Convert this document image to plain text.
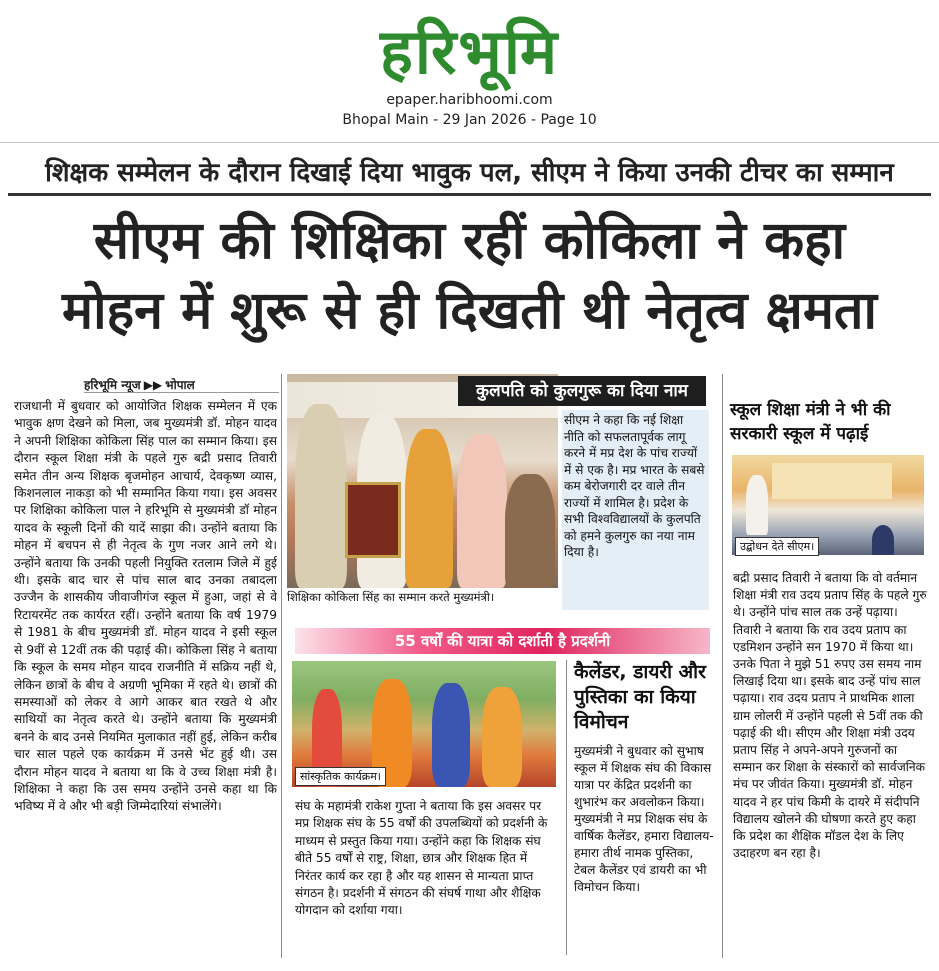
हरिभूमि
epaper.haribhoomi.com
Bhopal Main - 29 Jan 2026 - Page 10
शिक्षक सम्मेलन के दौरान दिखाई दिया भावुक पल, सीएम ने किया उनकी टीचर का सम्मान
सीएम की शिक्षिका रहीं कोकिला ने कहा
मोहन में शुरू से ही दिखती थी नेतृत्व क्षमता
हरिभूमि न्यूज ▶▶ भोपाल
राजधानी में बुधवार को आयोजित शिक्षक सम्मेलन में एक भावुक क्षण देखने को मिला, जब मुख्यमंत्री डॉ. मोहन यादव ने अपनी शिक्षिका कोकिला सिंह पाल का सम्मान किया। इस दौरान स्कूल शिक्षा मंत्री के पहले गुरु बद्री प्रसाद तिवारी समेत तीन अन्य शिक्षक बृजमोहन आचार्य, देवकृष्ण व्यास, किशनलाल नाकड़ा को भी सम्मानित किया गया। इस अवसर पर शिक्षिका कोकिला पाल ने हरिभूमि से मुख्यमंत्री डॉ मोहन यादव के स्कूली दिनों की यादें साझा की। उन्होंने बताया कि मोहन में बचपन से ही नेतृत्व के गुण नजर आने लगे थे। उन्होंने बताया कि उनकी पहली नियुक्ति रतलाम जिले में हुई थी। इसके बाद चार से पांच साल बाद उनका तबादला उज्जैन के शासकीय जीवाजीगंज स्कूल में हुआ, जहां से वे रिटायरमेंट तक कार्यरत रहीं। उन्होंने बताया कि वर्ष 1979 से 1981 के बीच मुख्यमंत्री डॉ. मोहन यादव ने इसी स्कूल से 9वीं से 12वीं तक की पढ़ाई की। कोकिला सिंह ने बताया कि स्कूल के समय मोहन यादव राजनीति में सक्रिय नहीं थे, लेकिन छात्रों के बीच वे अग्रणी भूमिका में रहते थे। छात्रों की समस्याओं को लेकर वे आगे आकर बात रखते थे और साथियों का नेतृत्व करते थे। उन्होंने बताया कि मुख्यमंत्री बनने के बाद उनसे नियमित मुलाकात नहीं हुई, लेकिन करीब चार साल पहले एक कार्यक्रम में उनसे भेंट हुई थी। उस दौरान मोहन यादव ने बताया था कि वे उच्च शिक्षा मंत्री है। शिक्षिका ने कहा कि उस समय उन्होंने उनसे कहा था कि भविष्य में वे और भी बड़ी जिम्मेदारियां संभालेंगे।
शिक्षिका कोकिला सिंह का सम्मान करते मुख्यमंत्री।
कुलपति को कुलगुरू का दिया नाम
सीएम ने कहा कि नई शिक्षा नीति को सफलतापूर्वक लागू करने में मप्र देश के पांच राज्यों में से एक है। मप्र भारत के सबसे कम बेरोजगारी दर वाले तीन राज्यों में शामिल है। प्रदेश के सभी विश्वविद्यालयों के कुलपति को हमने कुलगुरु का नया नाम दिया है।
स्कूल शिक्षा मंत्री ने भी की सरकारी स्कूल में पढ़ाई
उद्बोधन देते सीएम।
बद्री प्रसाद तिवारी ने बताया कि वो वर्तमान शिक्षा मंत्री राव उदय प्रताप सिंह के पहले गुरु थे। उन्होंने पांच साल तक उन्हें पढ़ाया। तिवारी ने बताया कि राव उदय प्रताप का एडमिशन उन्होंने सन 1970 में किया था। उनके पिता ने मुझे 51 रुपए उस समय नाम लिखाई दिया था। इसके बाद उन्हें पांच साल पढ़ाया। राव उदय प्रताप ने प्राथमिक शाला ग्राम लोलरी में उन्होंने पहली से 5वीं तक की पढ़ाई की थी। सीएम और शिक्षा मंत्री उदय प्रताप सिंह ने अपने-अपने गुरुजनों का सम्मान कर शिक्षा के संस्कारों को सार्वजनिक मंच पर जीवंत किया। मुख्यमंत्री डॉ. मोहन यादव ने हर पांच किमी के दायरे में संदीपनि विद्यालय खोलने की घोषणा करते हुए कहा कि प्रदेश का शैक्षिक मॉडल देश के लिए उदाहरण बन रहा है।
55 वर्षों की यात्रा को दर्शाती है प्रदर्शनी
सांस्कृतिक कार्यक्रम।
संघ के महामंत्री राकेश गुप्ता ने बताया कि इस अवसर पर मप्र शिक्षक संघ के 55 वर्षों की उपलब्धियों को प्रदर्शनी के माध्यम से प्रस्तुत किया गया। उन्होंने कहा कि शिक्षक संघ बीते 55 वर्षों से राष्ट्र, शिक्षा, छात्र और शिक्षक हित में निरंतर कार्य कर रहा है और यह शासन से मान्यता प्राप्त संगठन है। प्रदर्शनी में संगठन की संघर्ष गाथा और शैक्षिक योगदान को दर्शाया गया।
कैलेंडर, डायरी और पुस्तिका का किया विमोचन
मुख्यमंत्री ने बुधवार को सुभाष स्कूल में शिक्षक संघ की विकास यात्रा पर केंद्रित प्रदर्शनी का शुभारंभ कर अवलोकन किया। मुख्यमंत्री ने मप्र शिक्षक संघ के वार्षिक कैलेंडर, हमारा विद्यालय-हमारा तीर्थ नामक पुस्तिका, टेबल कैलेंडर एवं डायरी का भी विमोचन किया।
